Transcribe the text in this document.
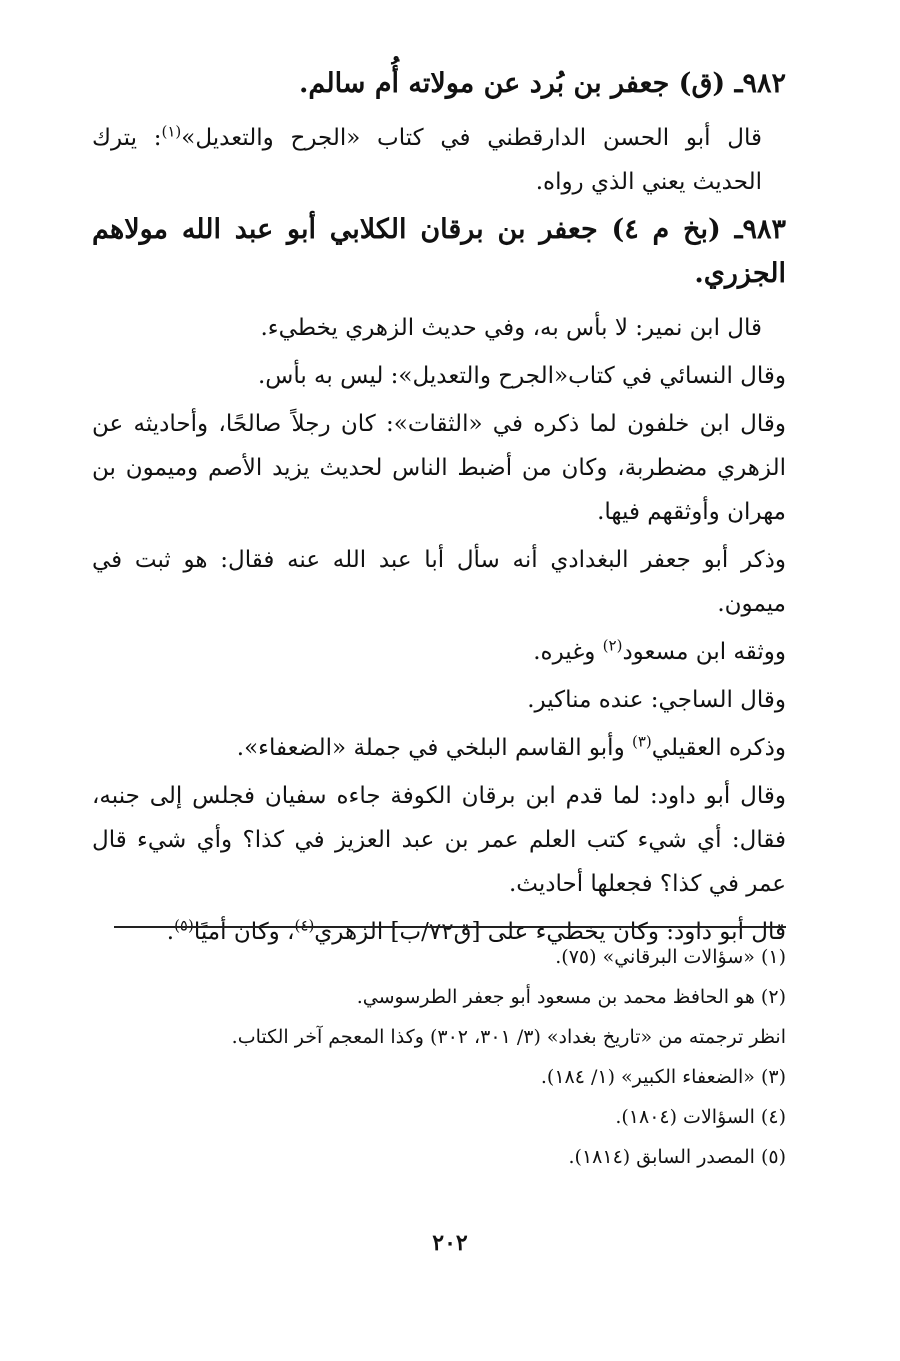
٩٨٢ـ (ق) جعفر بن بُرد عن مولاته أُم سالم.

قال أبو الحسن الدارقطني في كتاب «الجرح والتعديل»$^{(١)}$: يترك الحديث يعني الذي رواه.

٩٨٣ـ (بخ م ٤) جعفر بن برقان الكلابي أبو عبد الله مولاهم الجزري.

قال ابن نمير: لا بأس به، وفي حديث الزهري يخطيء.

وقال النسائي في كتاب«الجرح والتعديل»: ليس به بأس.

وقال ابن خلفون لما ذكره في «الثقات»: كان رجلاً صالحًا، وأحاديثه عن الزهري مضطربة، وكان من أضبط الناس لحديث يزيد الأصم وميمون بن مهران وأوثقهم فيها.

وذكر أبو جعفر البغدادي أنه سأل أبا عبد الله عنه فقال: هو ثبت في ميمون.

ووثقه ابن مسعود$^{(٢)}$ وغيره.

وقال الساجي: عنده مناكير.

وذكره العقيلي$^{(٣)}$ وأبو القاسم البلخي في جملة «الضعفاء».

وقال أبو داود: لما قدم ابن برقان الكوفة جاءه سفيان فجلس إلى جنبه، فقال: أي شيء كتب العلم عمر بن عبد العزيز في كذا؟ وأي شيء قال عمر في كذا؟ فجعلها أحاديث.

قال أبو داود: وكان يخطيء على [ق٧٢/ب] الزهري$^{(٤)}$، وكان أميًا$^{(٥)}$.

(١) «سؤالات البرقاني» (٧٥).

(٢) هو الحافظ محمد بن مسعود أبو جعفر الطرسوسي.

انظر ترجمته من «تاريخ بغداد» (٣/ ٣٠١، ٣٠٢) وكذا المعجم آخر الكتاب.

(٣) «الضعفاء الكبير» (١/ ١٨٤).

(٤) السؤالات (١٨٠٤).

(٥) المصدر السابق (١٨١٤).

٢٠٢
